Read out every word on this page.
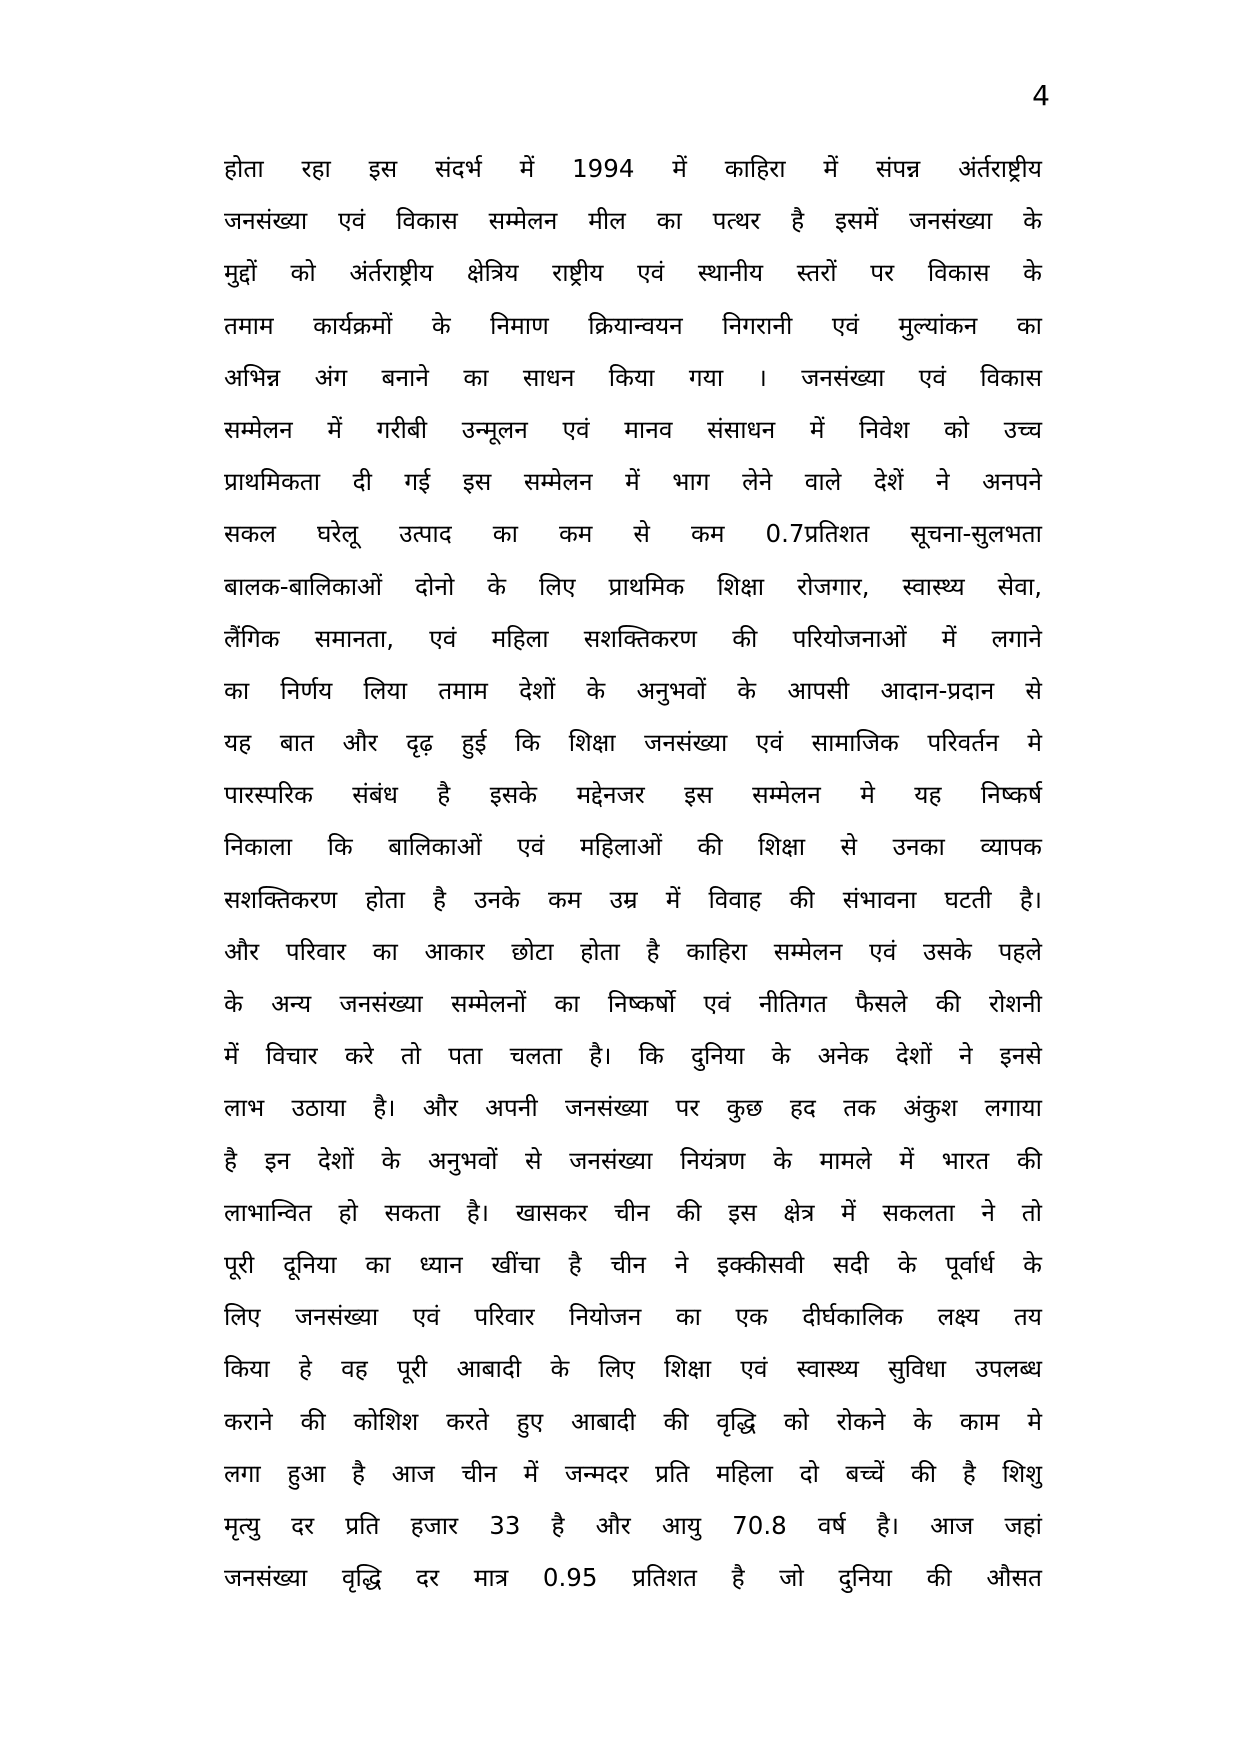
4
होता रहा इस संदर्भ में 1994 में काहिरा में संपन्न अंर्तराष्ट्रीय
जनसंख्या एवं विकास सम्मेलन मील का पत्थर है इसमें जनसंख्या के
मुद्दों को अंर्तराष्ट्रीय क्षेत्रिय राष्ट्रीय एवं स्थानीय स्तरों पर विकास के
तमाम कार्यक्रमों के निमाण क्रियान्वयन निगरानी एवं मुल्यांकन का
अभिन्न अंग बनाने का साधन किया गया । जनसंख्या एवं विकास
सम्मेलन में गरीबी उन्मूलन एवं मानव संसाधन में निवेश को उच्च
प्राथमिकता दी गई इस सम्मेलन में भाग लेने वाले देशें ने अनपने
सकल घरेलू उत्पाद का कम से कम 0.7प्रतिशत सूचना-सुलभता
बालक-बालिकाओं दोनो के लिए प्राथमिक शिक्षा रोजगार, स्वास्थ्य सेवा,
लैंगिक समानता, एवं महिला सशक्तिकरण की परियोजनाओं में लगाने
का निर्णय लिया तमाम देशों के अनुभवों के आपसी आदान-प्रदान से
यह बात और दृढ़ हुई कि शिक्षा जनसंख्या एवं सामाजिक परिवर्तन मे
पारस्परिक संबंध है इसके मद्देनजर इस सम्मेलन मे यह निष्कर्ष
निकाला कि बालिकाओं एवं महिलाओं की शिक्षा से उनका व्यापक
सशक्तिकरण होता है उनके कम उम्र में विवाह की संभावना घटती है।
और परिवार का आकार छोटा होता है काहिरा सम्मेलन एवं उसके पहले
के अन्य जनसंख्या सम्मेलनों का निष्कर्षो एवं नीतिगत फैसले की रोशनी
में विचार करे तो पता चलता है। कि दुनिया के अनेक देशों ने इनसे
लाभ उठाया है। और अपनी जनसंख्या पर कुछ हद तक अंकुश लगाया
है इन देशों के अनुभवों से जनसंख्या नियंत्रण के मामले में भारत की
लाभान्वित हो सकता है। खासकर चीन की इस क्षेत्र में सकलता ने तो
पूरी दूनिया का ध्यान खींचा है चीन ने इक्कीसवी सदी के पूर्वार्ध के
लिए जनसंख्या एवं परिवार नियोजन का एक दीर्घकालिक लक्ष्य तय
किया हे वह पूरी आबादी के लिए शिक्षा एवं स्वास्थ्य सुविधा उपलब्ध
कराने की कोशिश करते हुए आबादी की वृद्धि को रोकने के काम मे
लगा हुआ है आज चीन में जन्मदर प्रति महिला दो बच्चें की है शिशु
मृत्यु दर प्रति हजार 33 है और आयु 70.8 वर्ष है। आज जहां
जनसंख्या वृद्धि दर मात्र 0.95 प्रतिशत है जो दुनिया की औसत
